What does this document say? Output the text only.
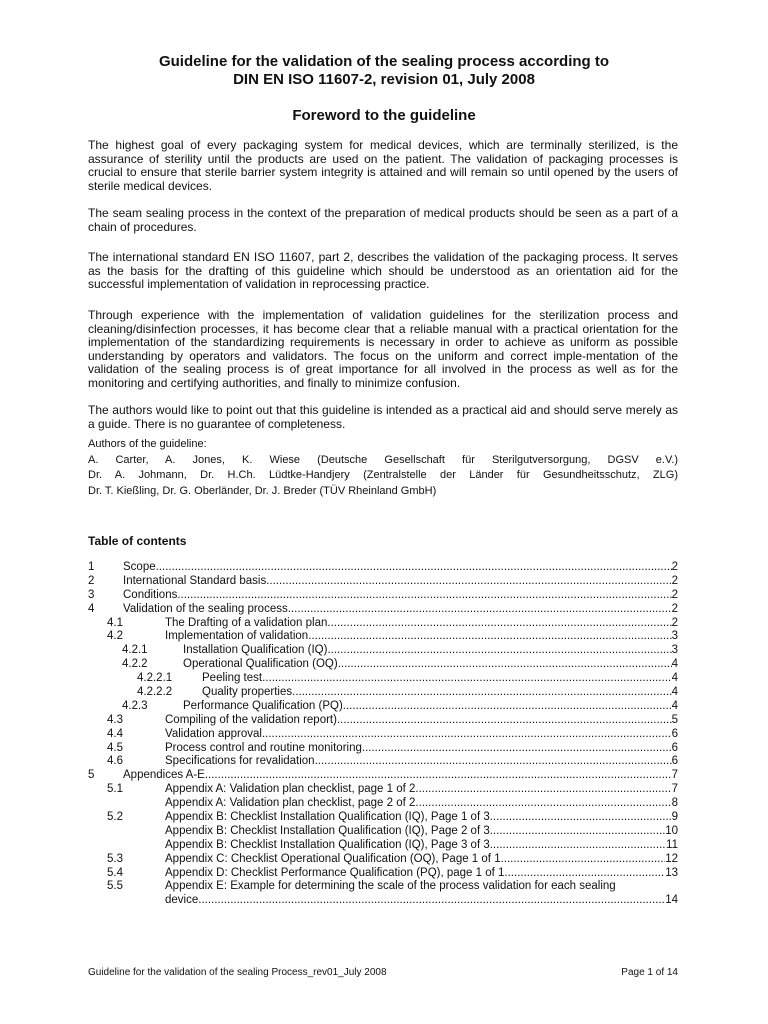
Guideline for the validation of the sealing process according to
DIN EN ISO 11607-2, revision 01, July 2008
Foreword to the guideline

The highest goal of every packaging system for medical devices, which are terminally sterilized, is the assurance of sterility until the products are used on the patient. The validation of packaging processes is crucial to ensure that sterile barrier system integrity is attained and will remain so until opened by the users of sterile medical devices.

The seam sealing process in the context of the preparation of medical products should be seen as a part of a chain of procedures.

The international standard EN ISO 11607, part 2, describes the validation of the packaging process. It serves as the basis for the drafting of this guideline which should be understood as an orientation aid for the successful implementation of validation in reprocessing practice.

Through experience with the implementation of validation guidelines for the sterilization process and cleaning/disinfection processes, it has become clear that a reliable manual with a practical orientation for the implementation of the standardizing requirements is necessary in order to achieve as uniform as possible understanding by operators and validators. The focus on the uniform and correct imple-mentation of the validation of the sealing process is of great importance for all involved in the process as well as for the monitoring and certifying authorities, and finally to minimize confusion.

The authors would like to point out that this guideline is intended as a practical aid and should serve merely as a guide. There is no guarantee of completeness.

Authors of the guideline:
A. Carter, A. Jones, K. Wiese (Deutsche Gesellschaft für Sterilgutversorgung, DGSV e.V.)
Dr. A. Johmann, Dr. H.Ch. Lüdtke-Handjery (Zentralstelle der Länder für Gesundheitsschutz, ZLG)
Dr. T. Kießling, Dr. G. Oberländer, Dr. J. Breder (TÜV Rheinland GmbH)
Table of contents
1	Scope .....	2
2	International Standard basis .....	2
3	Conditions .....	2
4	Validation of the sealing process .....	2
4.1	The Drafting of a validation plan .....	2
4.2	Implementation of validation .....	3
4.2.1	Installation Qualification (IQ) .....	3
4.2.2	Operational Qualification (OQ) .....	4
4.2.2.1	Peeling test .....	4
4.2.2.2	Quality properties .....	4
4.2.3	Performance Qualification (PQ) .....	4
4.3	Compiling of the validation report) .....	5
4.4	Validation approval .....	6
4.5	Process control and routine monitoring .....	6
4.6	Specifications for revalidation .....	6
5	Appendices A-E .....	7
5.1	Appendix A: Validation plan checklist, page 1 of 2 .....	7
Appendix A: Validation plan checklist, page 2 of 2 .....	8
5.2	Appendix B: Checklist Installation Qualification (IQ), Page 1 of 3 .....	9
Appendix B: Checklist Installation Qualification (IQ), Page 2 of 3 .....	10
Appendix B: Checklist Installation Qualification (IQ), Page 3 of 3 .....	11
5.3	Appendix C: Checklist Operational Qualification (OQ), Page 1 of 1 .....	12
5.4	Appendix D: Checklist Performance Qualification (PQ), page 1 of 1 .....	13
5.5	Appendix E: Example for determining the scale of the process validation for each sealing
device .....	14
Guideline for the validation of the sealing Process_rev01_July 2008	Page 1 of 14
